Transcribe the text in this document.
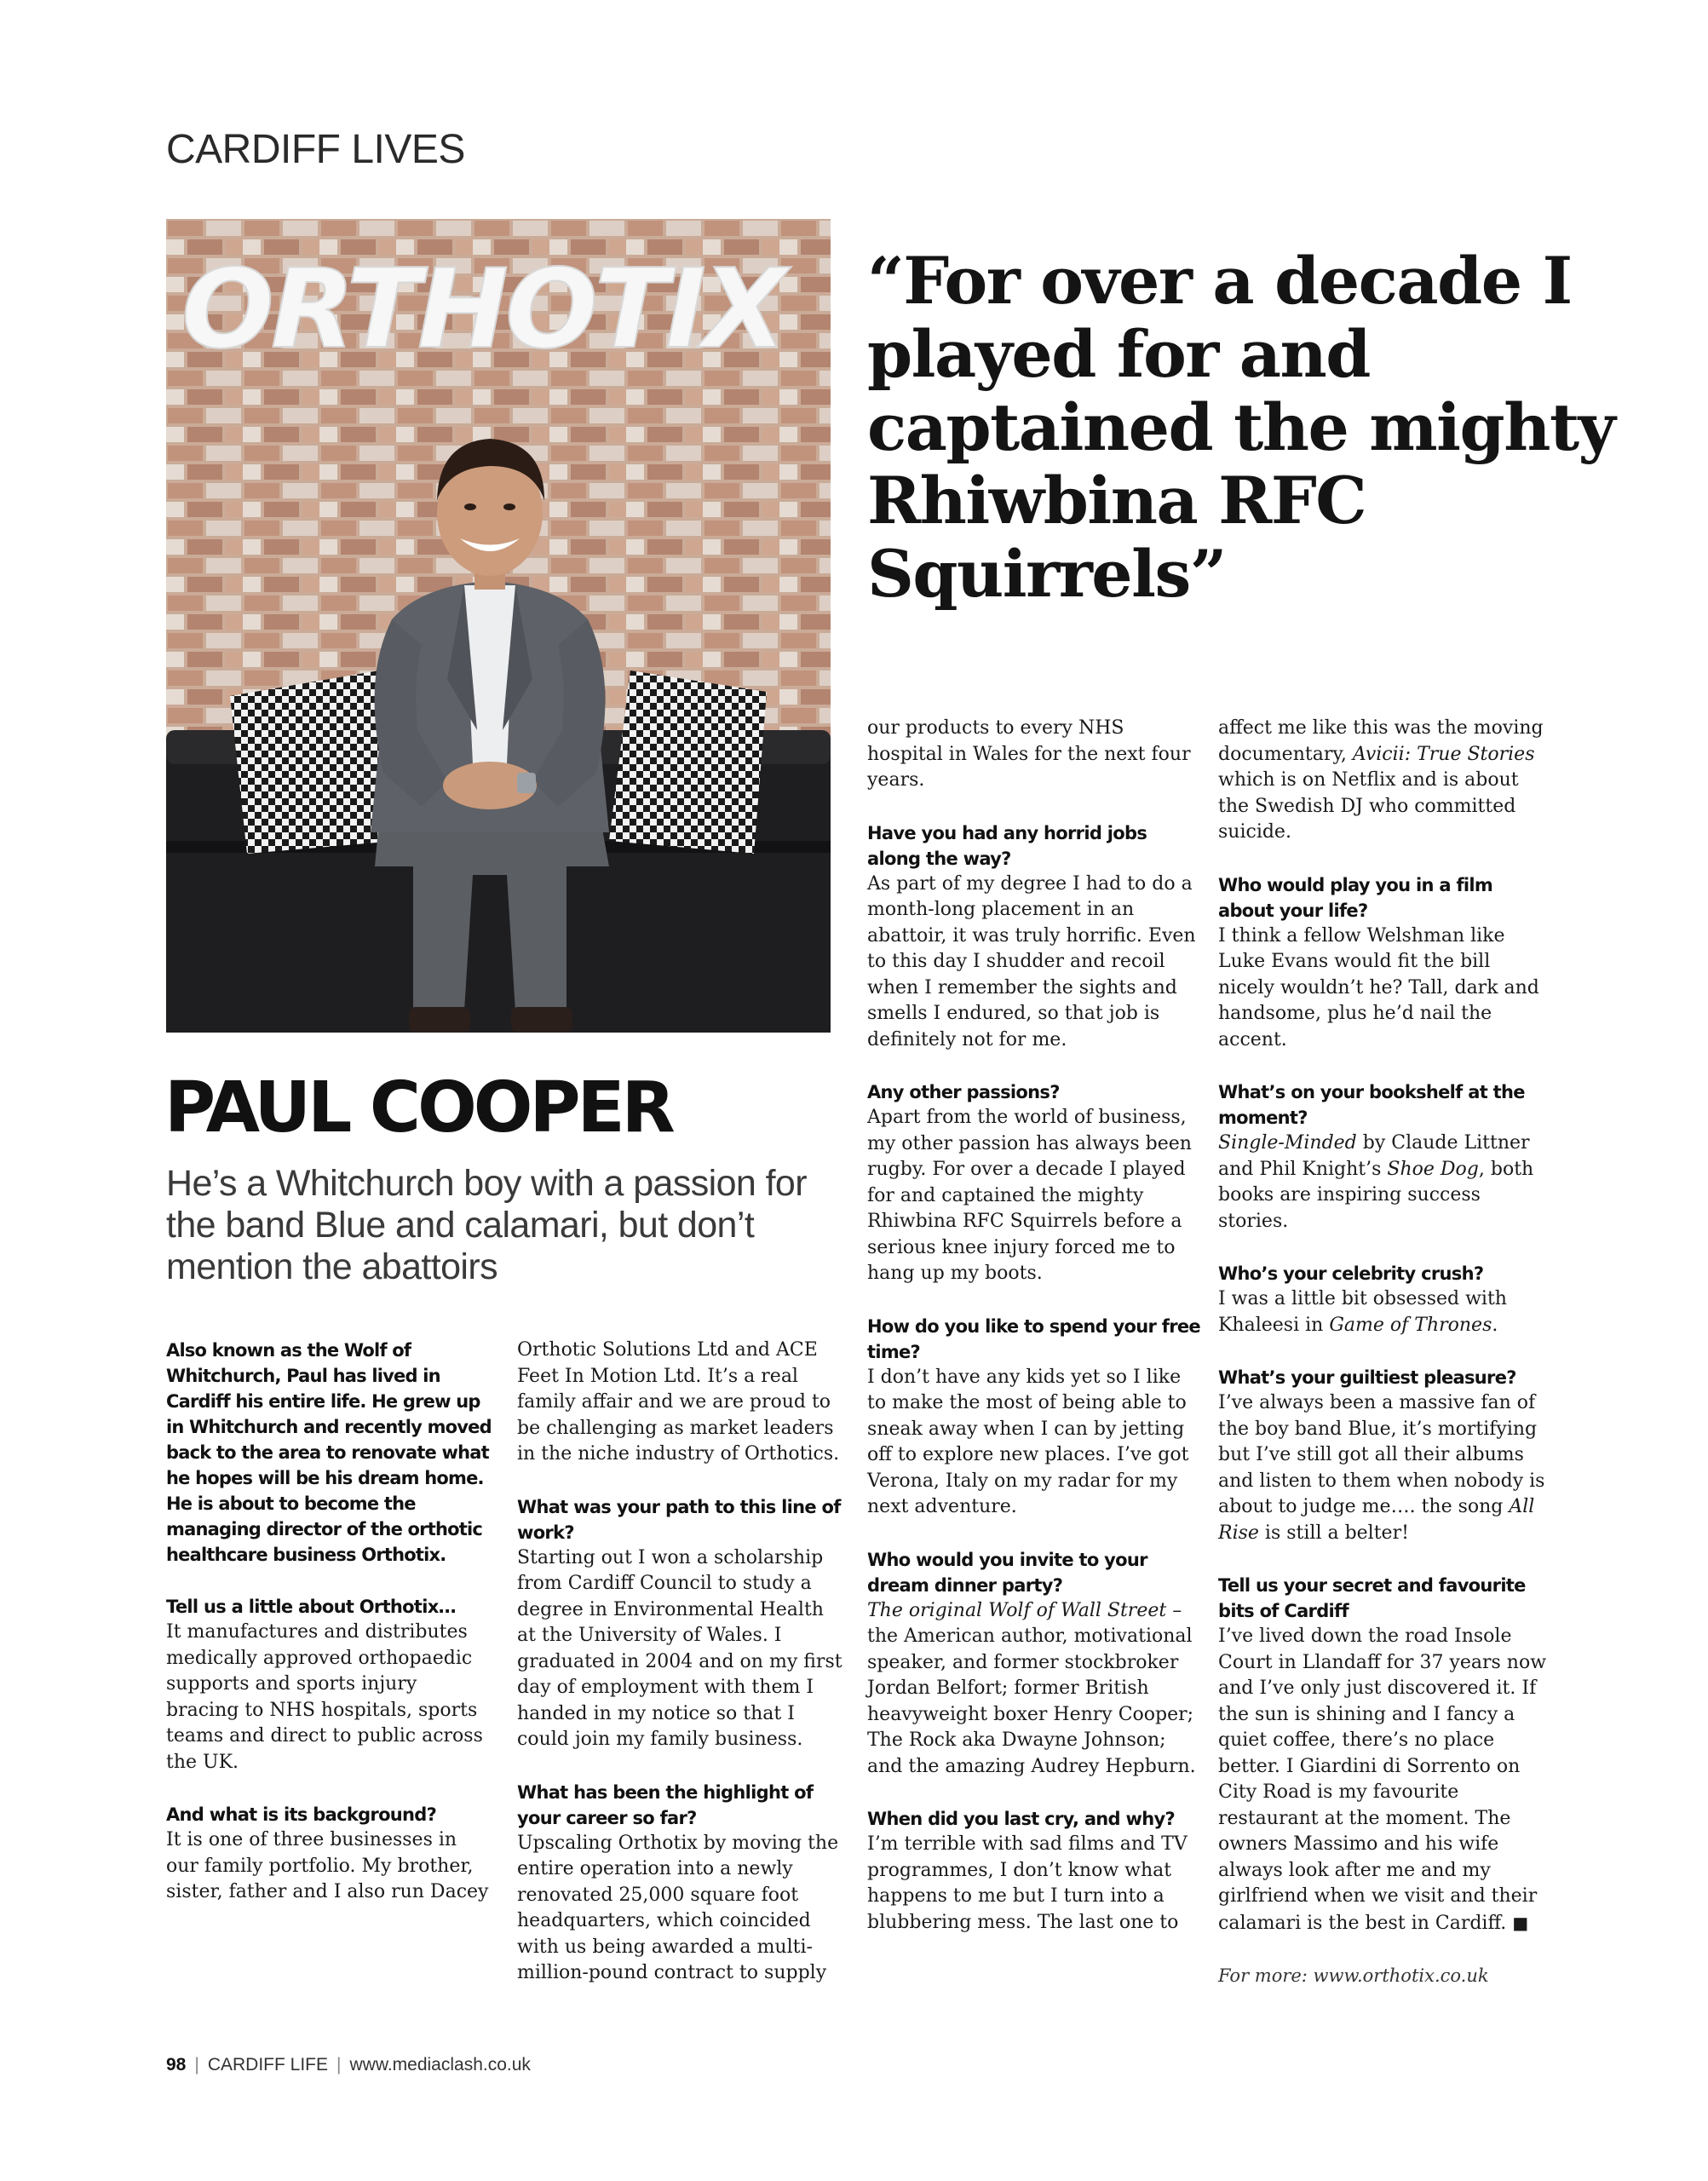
CARDIFF LIVES
ORTHOTIX “For over a decade I played for and captained the mighty Rhiwbina RFC Squirrels”

PAUL COOPER

He’s a Whitchurch boy with a passion for the band Blue and calamari, but don’t mention the abattoirs

Also known as the Wolf of Whitchurch, Paul has lived in Cardiff his entire life. He grew up in Whitchurch and recently moved back to the area to renovate what he hopes will be his dream home. He is about to become the managing director of the orthotic healthcare business Orthotix.

Tell us a little about Orthotix…

It manufactures and distributes medically approved orthopaedic supports and sports injury bracing to NHS hospitals, sports teams and direct to public across the UK.

And what is its background?

It is one of three businesses in our family portfolio. My brother, sister, father and I also run Dacey

Orthotic Solutions Ltd and ACE Feet In Motion Ltd. It’s a real family affair and we are proud to be challenging as market leaders in the niche industry of Orthotics.

What was your path to this line of work?

Starting out I won a scholarship from Cardiff Council to study a degree in Environmental Health at the University of Wales. I graduated in 2004 and on my first day of employment with them I handed in my notice so that I could join my family business.

What has been the highlight of your career so far?

Upscaling Orthotix by moving the entire operation into a newly renovated 25,000 square foot headquarters, which coincided with us being awarded a multi-million-pound contract to supply

our products to every NHS hospital in Wales for the next four years.

Have you had any horrid jobs along the way?

As part of my degree I had to do a month-long placement in an abattoir, it was truly horrific. Even to this day I shudder and recoil when I remember the sights and smells I endured, so that job is definitely not for me.

Any other passions?

Apart from the world of business, my other passion has always been rugby. For over a decade I played for and captained the mighty Rhiwbina RFC Squirrels before a serious knee injury forced me to hang up my boots.

How do you like to spend your free time?

I don’t have any kids yet so I like to make the most of being able to sneak away when I can by jetting off to explore new places. I’ve got Verona, Italy on my radar for my next adventure.

Who would you invite to your dream dinner party?

The original Wolf of Wall Street – the American author, motivational speaker, and former stockbroker Jordan Belfort; former British heavyweight boxer Henry Cooper; The Rock aka Dwayne Johnson; and the amazing Audrey Hepburn.

When did you last cry, and why?

I’m terrible with sad films and TV programmes, I don’t know what happens to me but I turn into a blubbering mess. The last one to

affect me like this was the moving documentary, Avicii: True Stories which is on Netflix and is about the Swedish DJ who committed suicide.

Who would play you in a film about your life?

I think a fellow Welshman like Luke Evans would fit the bill nicely wouldn’t he? Tall, dark and handsome, plus he’d nail the accent.

What’s on your bookshelf at the moment?

Single-Minded by Claude Littner and Phil Knight’s Shoe Dog, both books are inspiring success stories.

Who’s your celebrity crush?

I was a little bit obsessed with Khaleesi in Game of Thrones.

What’s your guiltiest pleasure?

I’ve always been a massive fan of the boy band Blue, it’s mortifying but I’ve still got all their albums and listen to them when nobody is about to judge me…. the song All Rise is still a belter!

Tell us your secret and favourite bits of Cardiff

I’ve lived down the road Insole Court in Llandaff for 37 years now and I’ve only just discovered it. If the sun is shining and I fancy a quiet coffee, there’s no place better. I Giardini di Sorrento on City Road is my favourite restaurant at the moment. The owners Massimo and his wife always look after me and my girlfriend when we visit and their calamari is the best in Cardiff. ■

For more: www.orthotix.co.uk

98 | CARDIFF LIFE | www.mediaclash.co.uk
